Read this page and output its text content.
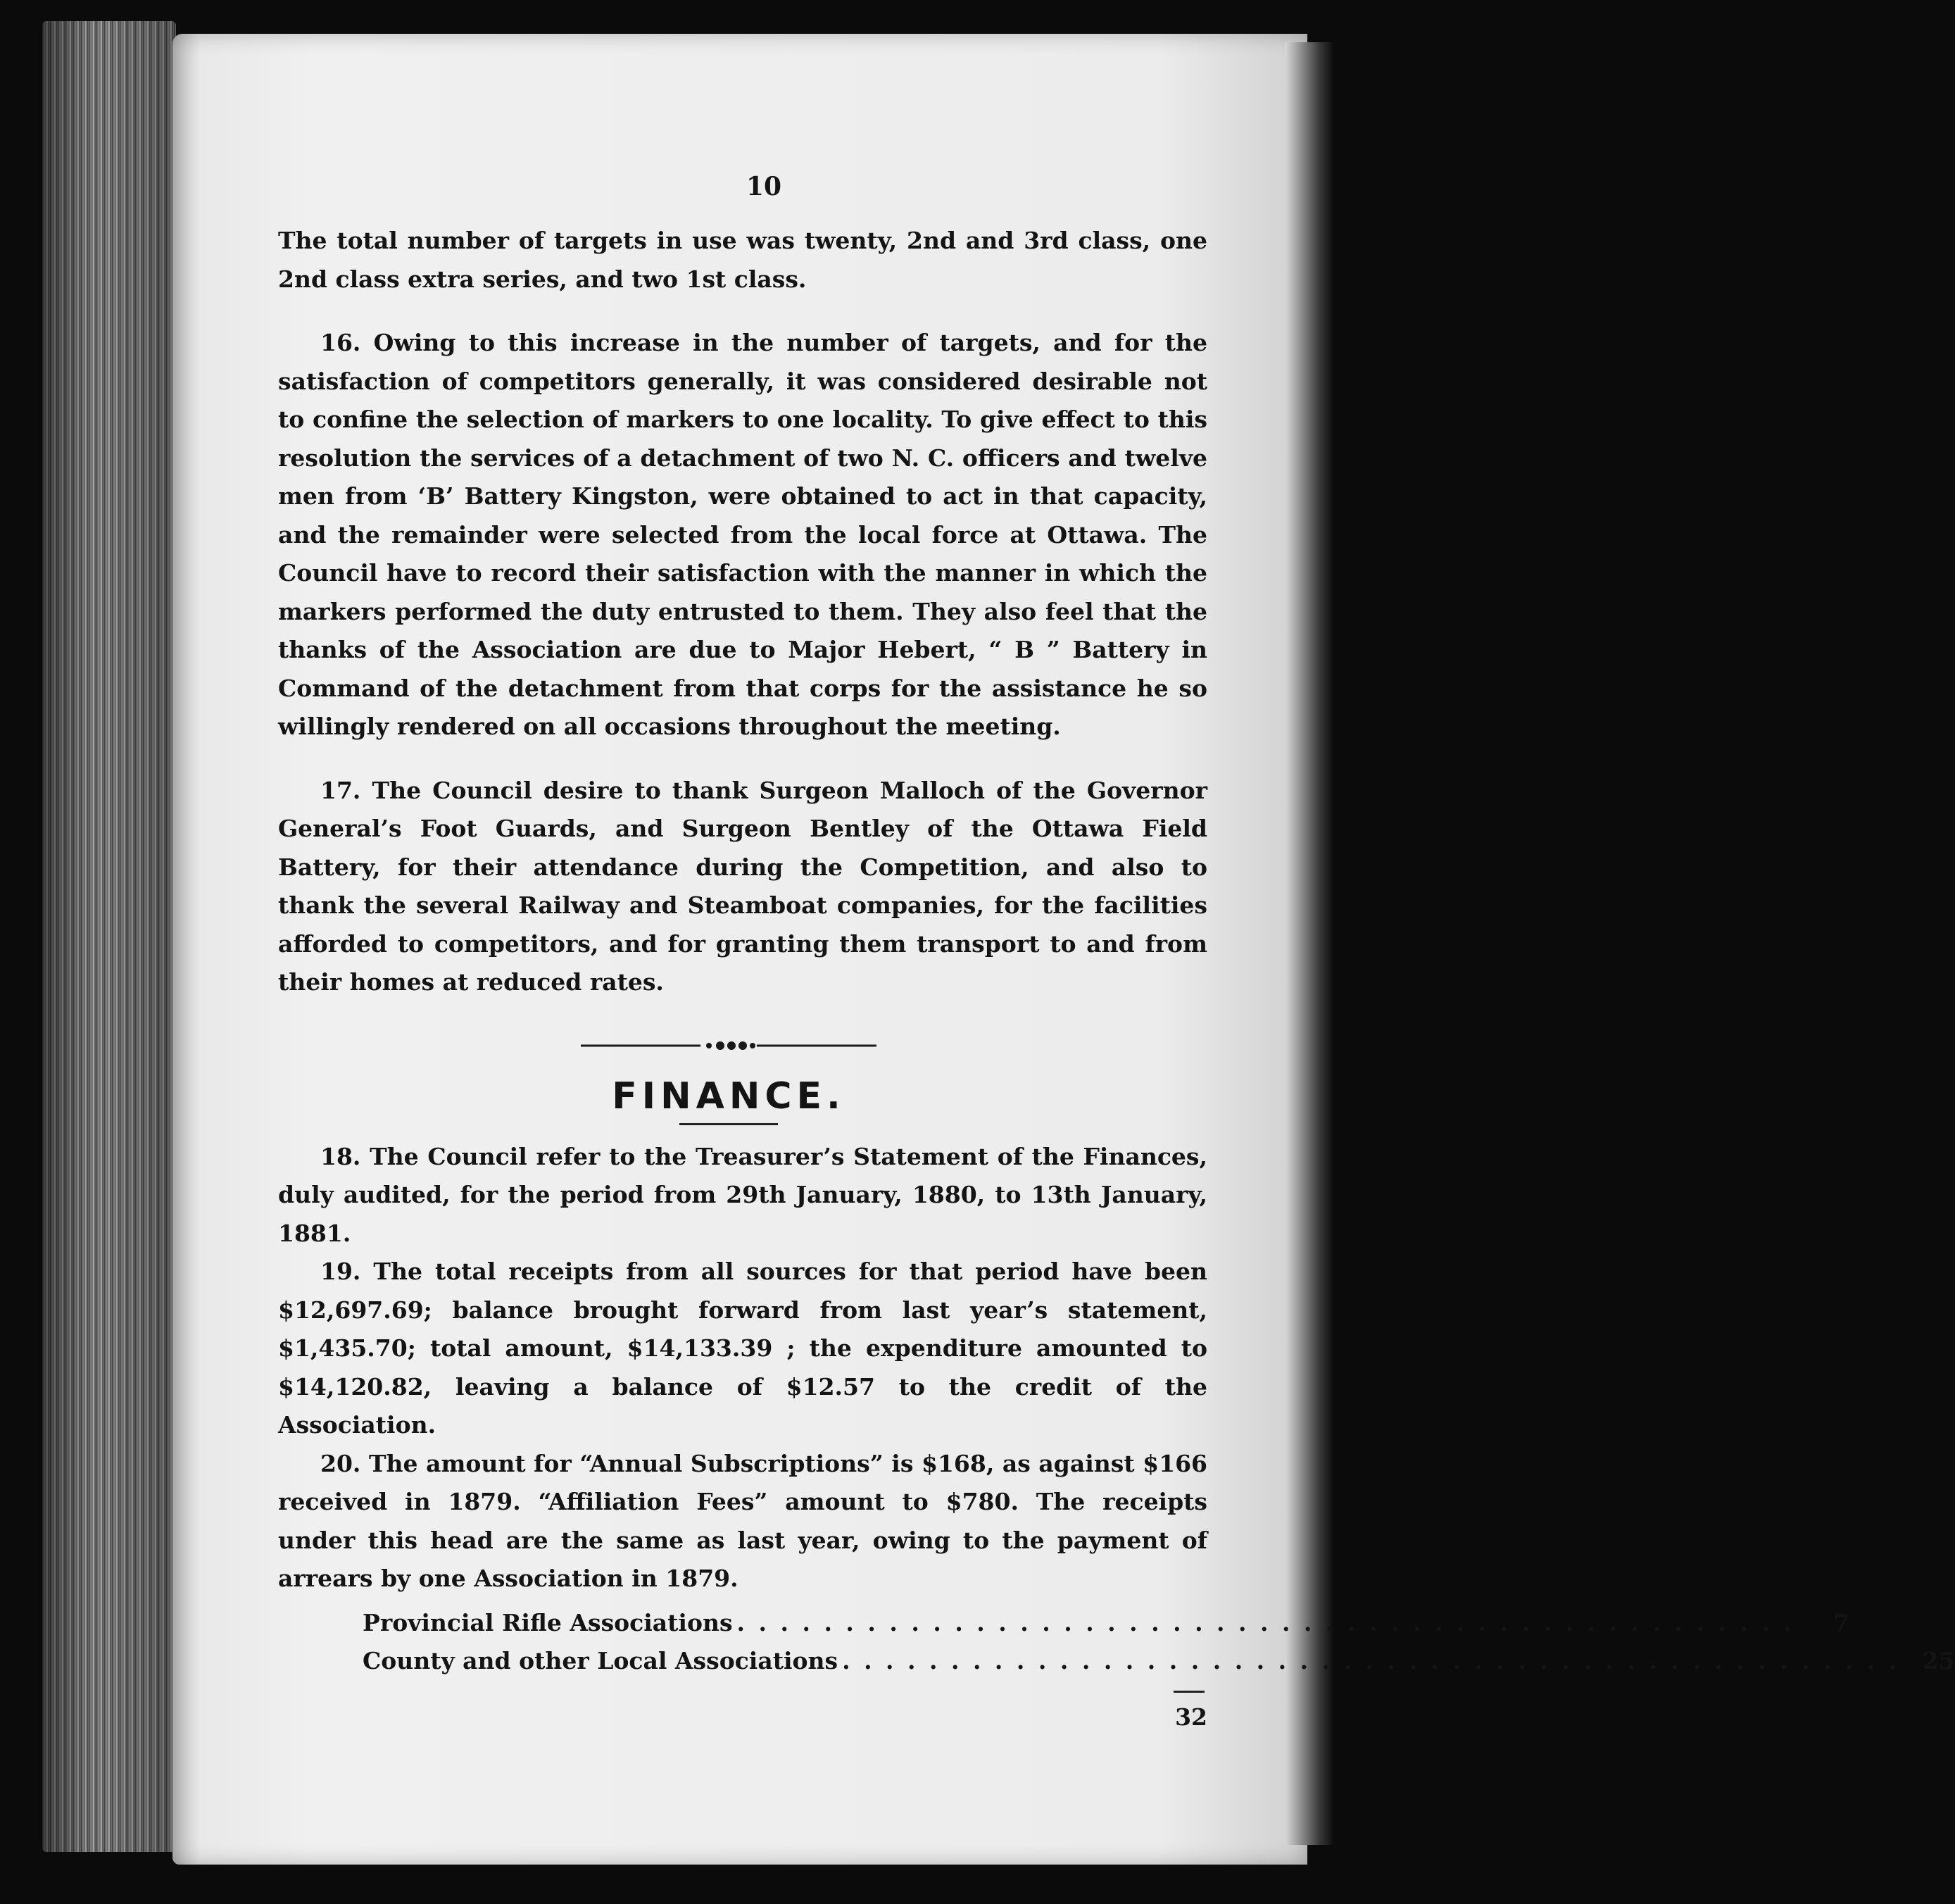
10

The total number of targets in use was twenty, 2nd and 3rd class, one 2nd class extra series, and two 1st class.

16. Owing to this increase in the number of targets, and for the satisfaction of competitors generally, it was considered desirable not to confine the selection of markers to one locality. To give effect to this resolution the services of a detachment of two N. C. officers and twelve men from ‘B’ Battery Kingston, were obtained to act in that capacity, and the remainder were selected from the local force at Ottawa. The Council have to record their satisfaction with the manner in which the markers performed the duty entrusted to them. They also feel that the thanks of the Association are due to Major Hebert, “ B ” Battery in Command of the detachment from that corps for the assistance he so willingly rendered on all occasions throughout the meeting.

17. The Council desire to thank Surgeon Malloch of the Governor General’s Foot Guards, and Surgeon Bentley of the Ottawa Field Battery, for their attendance during the Competition, and also to thank the several Railway and Steamboat companies, for the facilities afforded to competitors, and for granting them transport to and from their homes at reduced rates.

FINANCE.

18. The Council refer to the Treasurer’s Statement of the Finances, duly audited, for the period from 29th January, 1880, to 13th January, 1881.

19. The total receipts from all sources for that period have been $12,697.69; balance brought forward from last year’s statement, $1,435.70; total amount, $14,133.39 ; the expenditure amounted to $14,120.82, leaving a balance of $12.57 to the credit of the Association.

20. The amount for “Annual Subscriptions” is $168, as against $166 received in 1879. “Affiliation Fees” amount to $780. The receipts under this head are the same as last year, owing to the payment of arrears by one Association in 1879.

Provincial Rifle Associations . . . . . . . . . . . . . . . . . . . . . . . . . . . . . . . . . . . . . . . . . . . . . . . . .	7
County and other Local Associations . . . . . . . . . . . . . . . . . . . . . . . . . . . . . . . . . . . . . . . . . . . . . . . . . 25
32
